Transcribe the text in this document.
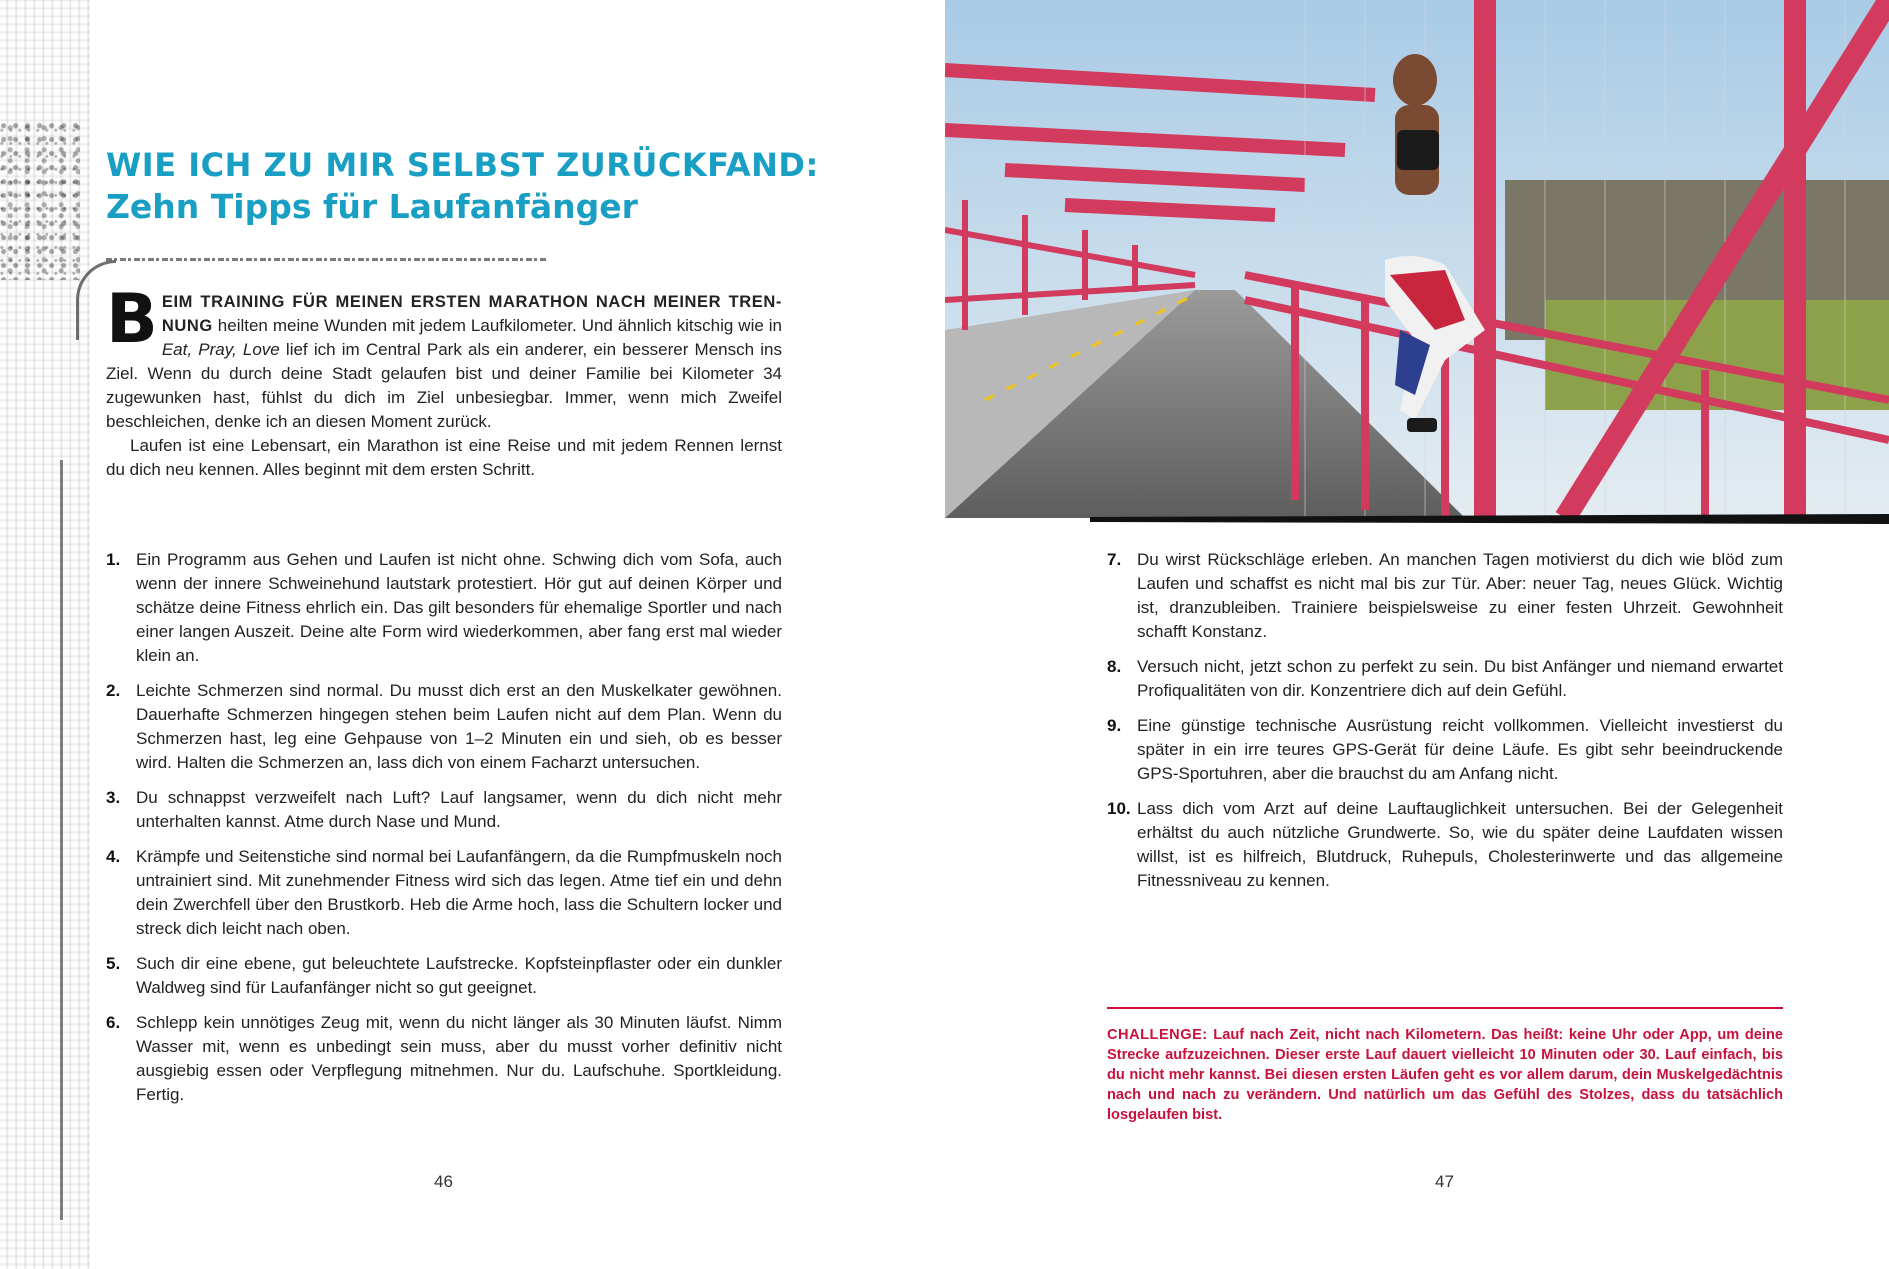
WIE ICH ZU MIR SELBST ZURÜCKFAND:
Zehn Tipps für Laufanfänger

BEIM TRAINING FÜR MEINEN ERSTEN MARATHON NACH MEINER TREN-NUNG heilten meine Wunden mit jedem Laufkilometer. Und ähnlich kitschig wie in Eat, Pray, Love lief ich im Central Park als ein anderer, ein besserer Mensch ins Ziel. Wenn du durch deine Stadt gelaufen bist und deiner Familie bei Kilometer 34 zugewunken hast, fühlst du dich im Ziel unbesiegbar. Immer, wenn mich Zweifel beschleichen, denke ich an diesen Moment zurück.

Laufen ist eine Lebensart, ein Marathon ist eine Reise und mit jedem Rennen lernst du dich neu kennen. Alles beginnt mit dem ersten Schritt.

1. Ein Programm aus Gehen und Laufen ist nicht ohne. Schwing dich vom Sofa, auch wenn der innere Schweinehund lautstark protestiert. Hör gut auf deinen Körper und schätze deine Fitness ehrlich ein. Das gilt besonders für ehemalige Sportler und nach einer langen Auszeit. Deine alte Form wird wiederkommen, aber fang erst mal wieder klein an.
2. Leichte Schmerzen sind normal. Du musst dich erst an den Muskelkater gewöhnen. Dauerhafte Schmerzen hingegen stehen beim Laufen nicht auf dem Plan. Wenn du Schmerzen hast, leg eine Gehpause von 1–2 Minuten ein und sieh, ob es besser wird. Halten die Schmerzen an, lass dich von einem Facharzt untersuchen.
3. Du schnappst verzweifelt nach Luft? Lauf langsamer, wenn du dich nicht mehr unterhalten kannst. Atme durch Nase und Mund.
4. Krämpfe und Seitenstiche sind normal bei Laufanfängern, da die Rumpfmuskeln noch untrainiert sind. Mit zunehmender Fitness wird sich das legen. Atme tief ein und dehn dein Zwerchfell über den Brustkorb. Heb die Arme hoch, lass die Schultern locker und streck dich leicht nach oben.
5. Such dir eine ebene, gut beleuchtete Laufstrecke. Kopfsteinpflaster oder ein dunkler Waldweg sind für Laufanfänger nicht so gut geeignet.
6. Schlepp kein unnötiges Zeug mit, wenn du nicht länger als 30 Minuten läufst. Nimm Wasser mit, wenn es unbedingt sein muss, aber du musst vorher definitiv nicht ausgiebig essen oder Verpflegung mitnehmen. Nur du. Laufschuhe. Sportkleidung. Fertig.
46
7. Du wirst Rückschläge erleben. An manchen Tagen motivierst du dich wie blöd zum Laufen und schaffst es nicht mal bis zur Tür. Aber: neuer Tag, neues Glück. Wichtig ist, dranzubleiben. Trainiere beispielsweise zu einer festen Uhrzeit. Gewohnheit schafft Konstanz.
8. Versuch nicht, jetzt schon zu perfekt zu sein. Du bist Anfänger und niemand erwartet Profiqualitäten von dir. Konzentriere dich auf dein Gefühl.
9. Eine günstige technische Ausrüstung reicht vollkommen. Vielleicht investierst du später in ein irre teures GPS-Gerät für deine Läufe. Es gibt sehr beeindruckende GPS-Sportuhren, aber die brauchst du am Anfang nicht.
10. Lass dich vom Arzt auf deine Lauftauglichkeit untersuchen. Bei der Gelegenheit erhältst du auch nützliche Grundwerte. So, wie du später deine Laufdaten wissen willst, ist es hilfreich, Blutdruck, Ruhepuls, Cholesterinwerte und das allgemeine Fitnessniveau zu kennen.
CHALLENGE: Lauf nach Zeit, nicht nach Kilometern. Das heißt: keine Uhr oder App, um deine Strecke aufzuzeichnen. Dieser erste Lauf dauert vielleicht 10 Minuten oder 30. Lauf einfach, bis du nicht mehr kannst. Bei diesen ersten Läufen geht es vor allem darum, dein Muskelgedächtnis nach und nach zu verändern. Und natürlich um das Gefühl des Stolzes, dass du tatsächlich losgelaufen bist.
47
